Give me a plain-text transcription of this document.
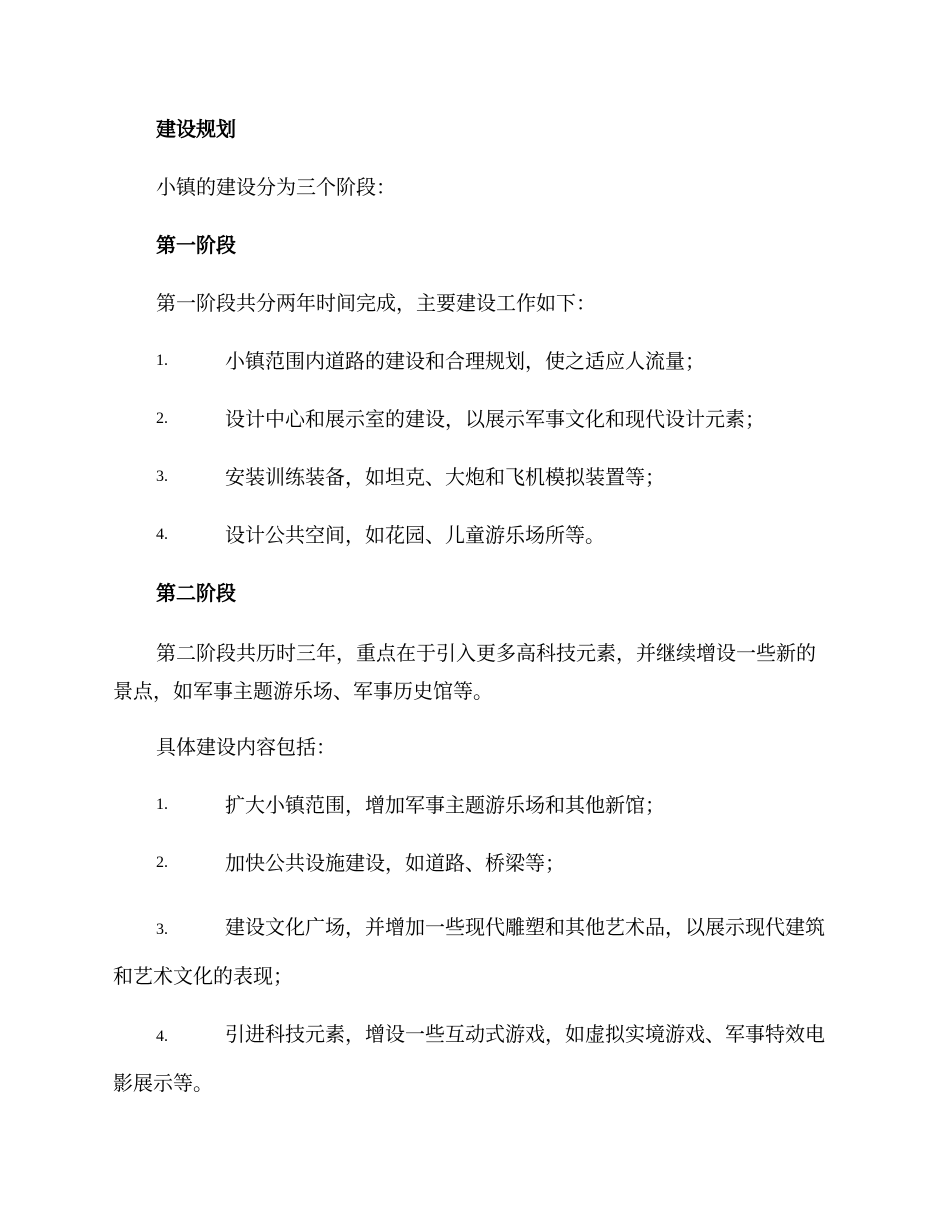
建设规划
小镇的建设分为三个阶段：
第一阶段
第一阶段共分两年时间完成，主要建设工作如下：
1.	小镇范围内道路的建设和合理规划，使之适应人流量；
2.	设计中心和展示室的建设，以展示军事文化和现代设计元素；
3.	安装训练装备，如坦克、大炮和飞机模拟装置等；
4.	设计公共空间，如花园、儿童游乐场所等。
第二阶段
第二阶段共历时三年，重点在于引入更多高科技元素，并继续增设一些新的景点，如军事主题游乐场、军事历史馆等。
具体建设内容包括：
1.	扩大小镇范围，增加军事主题游乐场和其他新馆；
2.	加快公共设施建设，如道路、桥梁等；
3.	建设文化广场，并增加一些现代雕塑和其他艺术品，以展示现代建筑和艺术文化的表现；
4.	引进科技元素，增设一些互动式游戏，如虚拟实境游戏、军事特效电影展示等。
